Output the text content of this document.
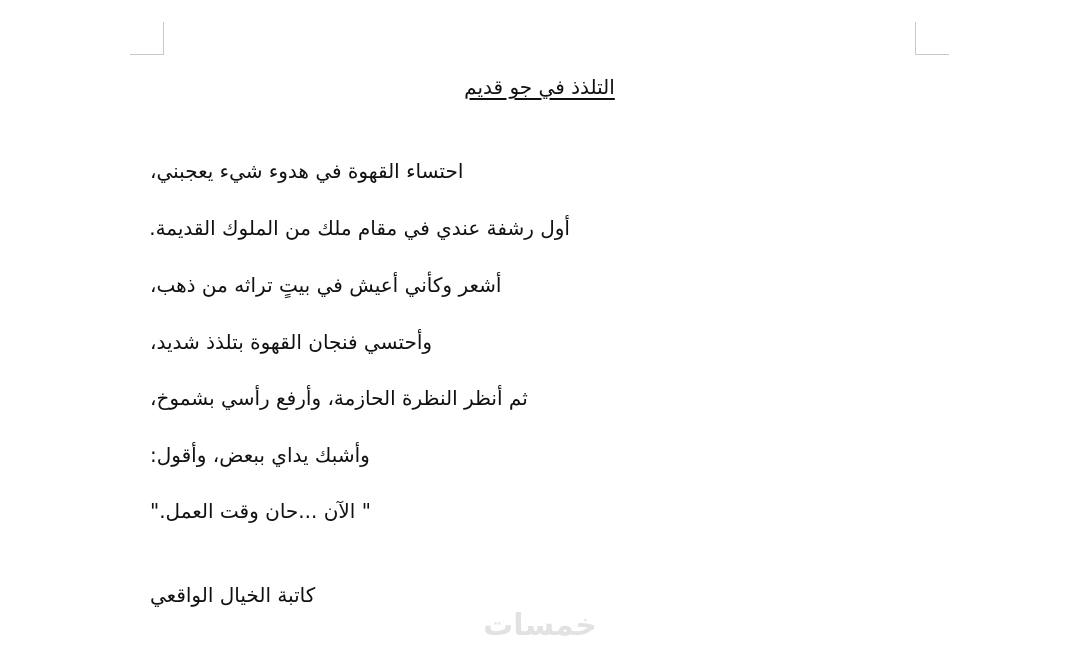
التلذذ في جو قديم

احتساء القهوة في هدوء شيء يعجبني،

أول رشفة عندي في مقام ملك من الملوك القديمة.

أشعر وكأني أعيش في بيتٍ تراثه من ذهب،

وأحتسي فنجان القهوة بتلذذ شديد،

ثم أنظر النظرة الحازمة، وأرفع رأسي بشموخ،

وأشبك يداي ببعض، وأقول:

" الآن ...حان وقت العمل."

كاتبة الخيال الواقعي

خمسات
